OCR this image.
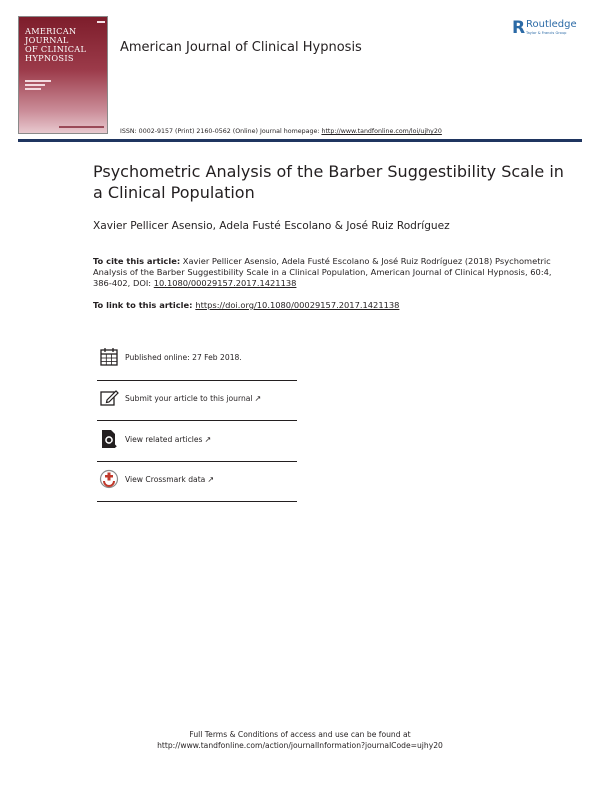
AMERICAN
JOURNAL
OF CLINICAL
HYPNOSIS
R Routledge
Taylor & Francis Group
American Journal of Clinical Hypnosis
ISSN: 0002-9157 (Print) 2160-0562 (Online) Journal homepage: http://www.tandfonline.com/loi/ujhy20
Psychometric Analysis of the Barber Suggestibility Scale in a Clinical Population
Xavier Pellicer Asensio, Adela Fusté Escolano & José Ruiz Rodríguez
To cite this article: Xavier Pellicer Asensio, Adela Fusté Escolano & José Ruiz Rodríguez (2018) Psychometric Analysis of the Barber Suggestibility Scale in a Clinical Population, American Journal of Clinical Hypnosis, 60:4, 386-402, DOI: 10.1080/00029157.2017.1421138
To link to this article: https://doi.org/10.1080/00029157.2017.1421138
Published online: 27 Feb 2018.
Submit your article to this journal ↗
View related articles ↗
View Crossmark data ↗
Full Terms & Conditions of access and use can be found at
http://www.tandfonline.com/action/journalInformation?journalCode=ujhy20
